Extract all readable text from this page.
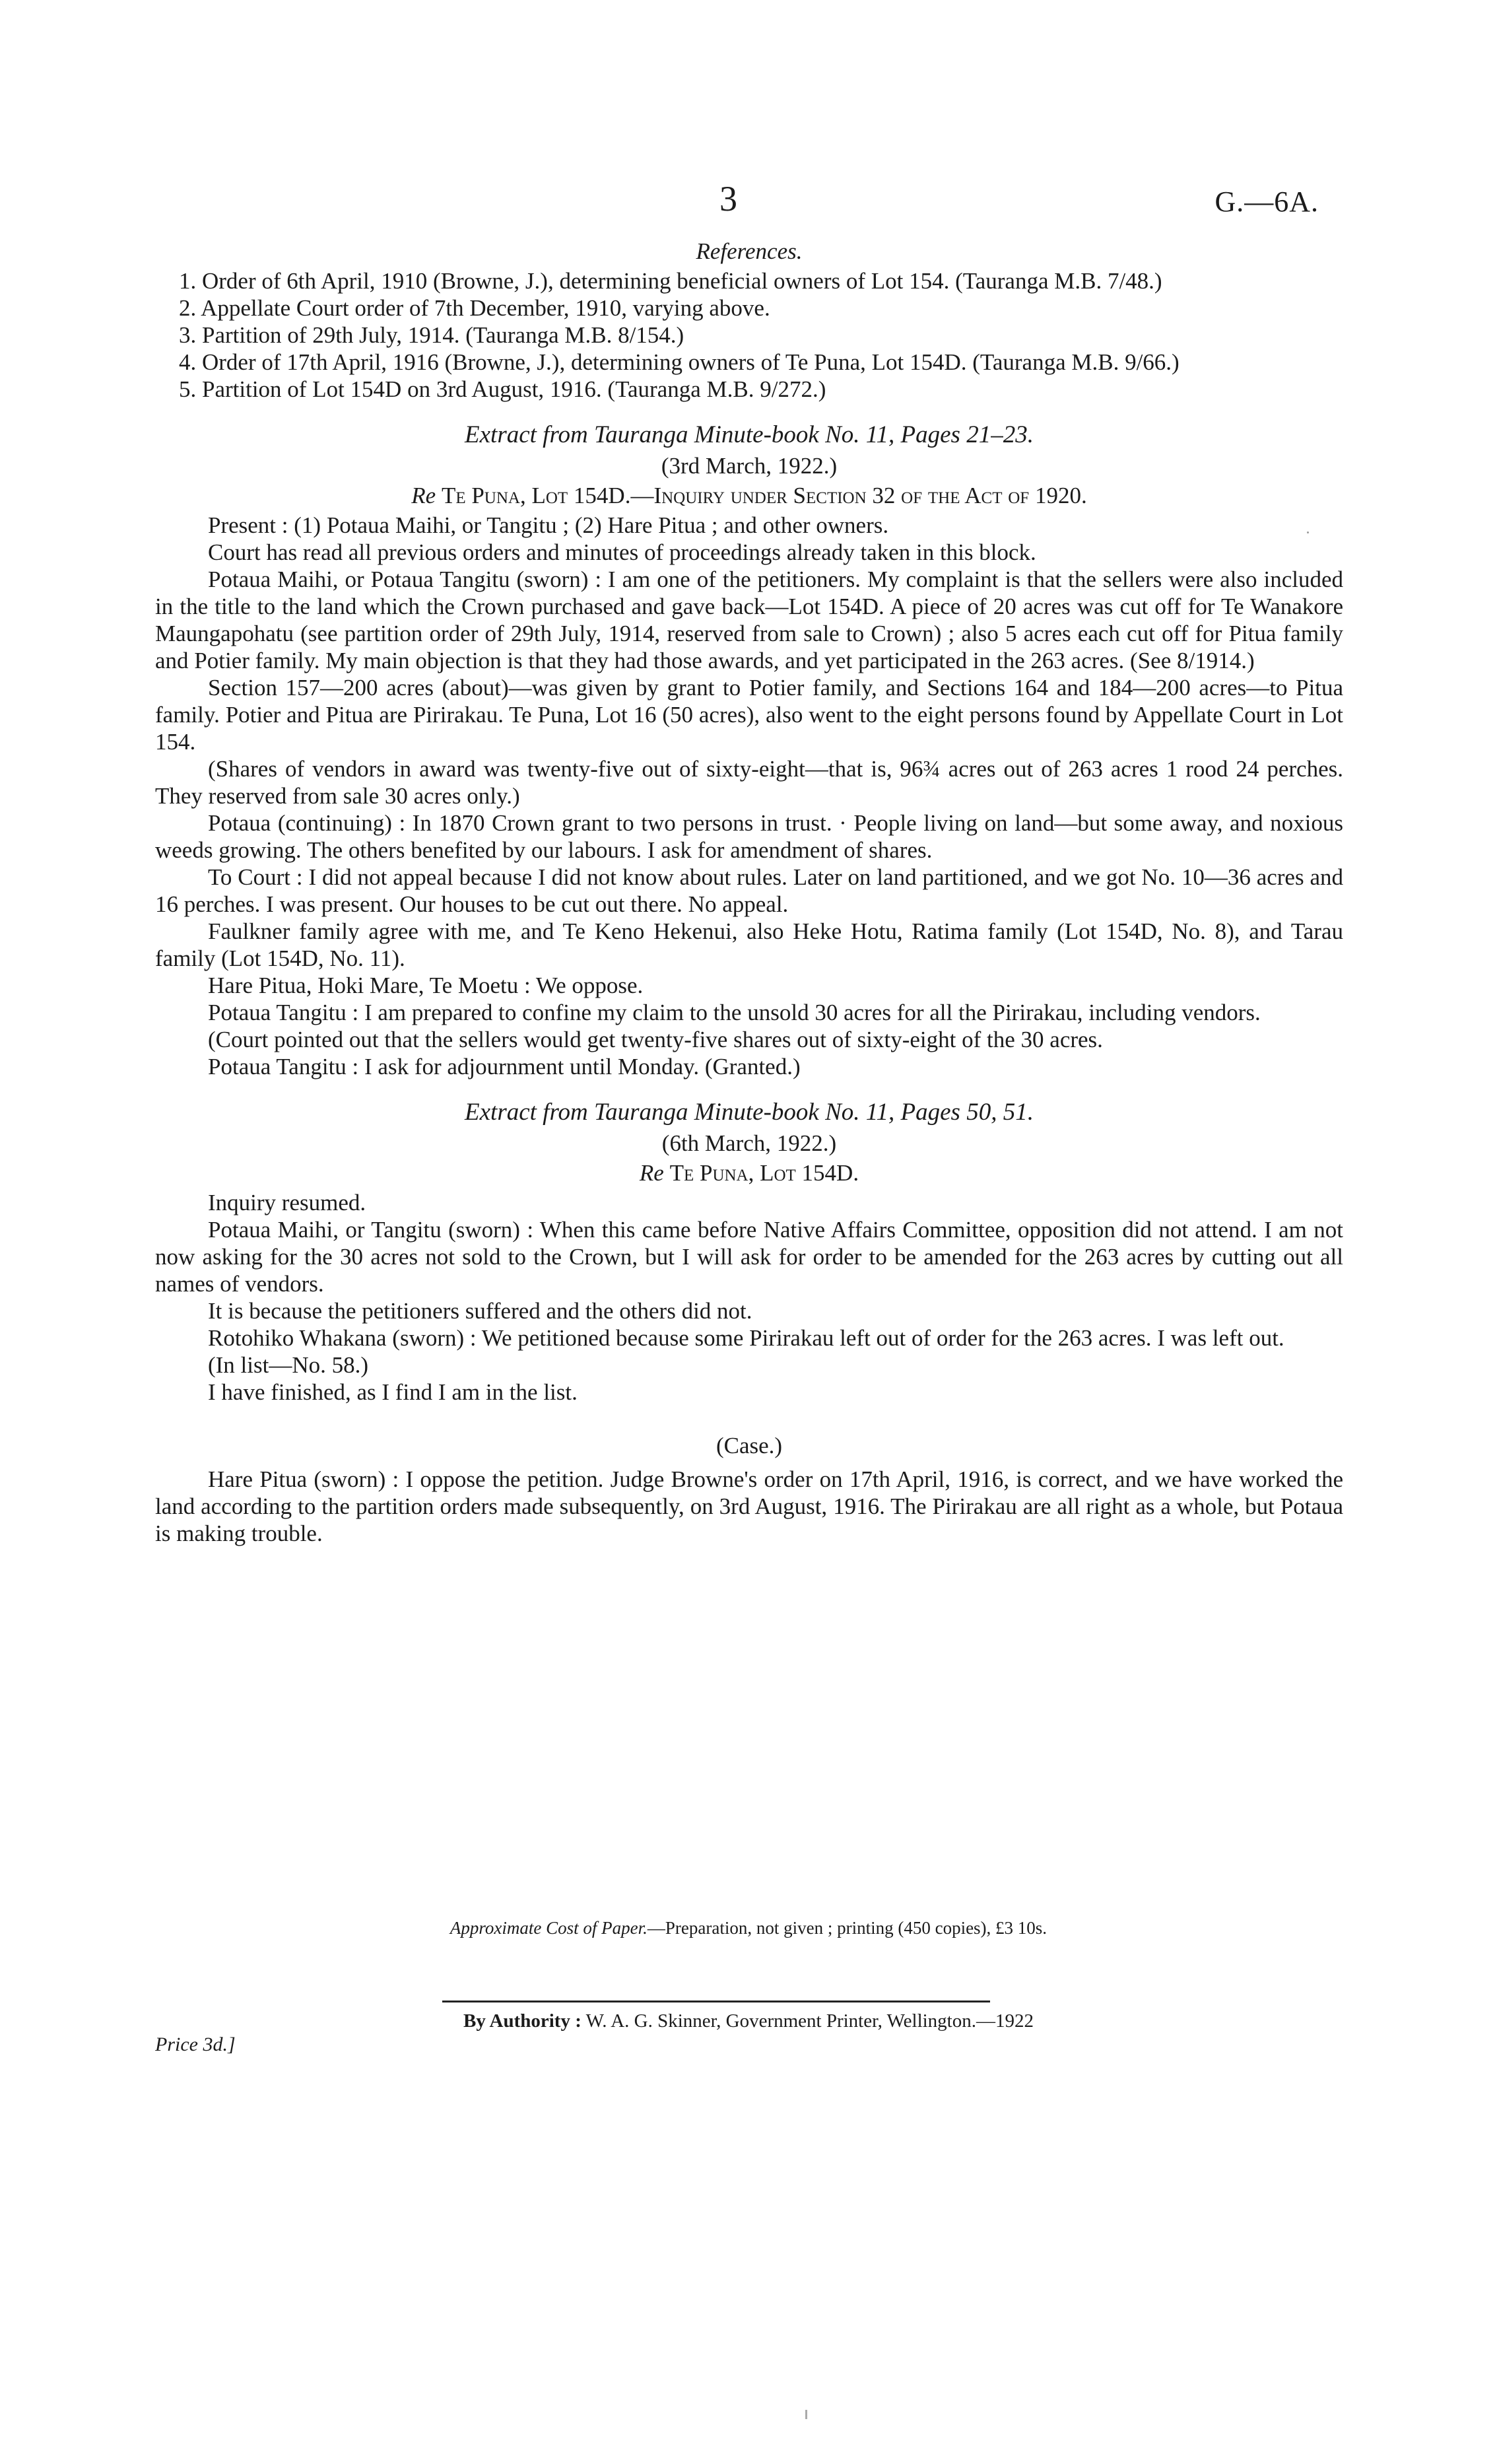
3	G.—6A.
References.

1. Order of 6th April, 1910 (Browne, J.), determining beneficial owners of Lot 154. (Tauranga M.B. 7/48.)

2. Appellate Court order of 7th December, 1910, varying above.

3. Partition of 29th July, 1914. (Tauranga M.B. 8/154.)

4. Order of 17th April, 1916 (Browne, J.), determining owners of Te Puna, Lot 154D. (Tauranga M.B. 9/66.)

5. Partition of Lot 154D on 3rd August, 1916. (Tauranga M.B. 9/272.)

Extract from Tauranga Minute-book No. 11, Pages 21–23.
(3rd March, 1922.)
Re Te Puna, Lot 154D.—Inquiry under Section 32 of the Act of 1920.

Present : (1) Potaua Maihi, or Tangitu ; (2) Hare Pitua ; and other owners.

Court has read all previous orders and minutes of proceedings already taken in this block.

Potaua Maihi, or Potaua Tangitu (sworn) : I am one of the petitioners. My complaint is that the sellers were also included in the title to the land which the Crown purchased and gave back—Lot 154D. A piece of 20 acres was cut off for Te Wanakore Maungapohatu (see partition order of 29th July, 1914, reserved from sale to Crown) ; also 5 acres each cut off for Pitua family and Potier family. My main objection is that they had those awards, and yet participated in the 263 acres. (See 8/1914.)

Section 157—200 acres (about)—was given by grant to Potier family, and Sections 164 and 184—200 acres—to Pitua family. Potier and Pitua are Pirirakau. Te Puna, Lot 16 (50 acres), also went to the eight persons found by Appellate Court in Lot 154.

(Shares of vendors in award was twenty-five out of sixty-eight—that is, 96¾ acres out of 263 acres 1 rood 24 perches. They reserved from sale 30 acres only.)

Potaua (continuing) : In 1870 Crown grant to two persons in trust. · People living on land—but some away, and noxious weeds growing. The others benefited by our labours. I ask for amendment of shares.

To Court : I did not appeal because I did not know about rules. Later on land partitioned, and we got No. 10—36 acres and 16 perches. I was present. Our houses to be cut out there. No appeal.

Faulkner family agree with me, and Te Keno Hekenui, also Heke Hotu, Ratima family (Lot 154D, No. 8), and Tarau family (Lot 154D, No. 11).

Hare Pitua, Hoki Mare, Te Moetu : We oppose.

Potaua Tangitu : I am prepared to confine my claim to the unsold 30 acres for all the Pirirakau, including vendors.

(Court pointed out that the sellers would get twenty-five shares out of sixty-eight of the 30 acres.

Potaua Tangitu : I ask for adjournment until Monday. (Granted.)

Extract from Tauranga Minute-book No. 11, Pages 50, 51.
(6th March, 1922.)
Re Te Puna, Lot 154D.

Inquiry resumed.

Potaua Maihi, or Tangitu (sworn) : When this came before Native Affairs Committee, opposition did not attend. I am not now asking for the 30 acres not sold to the Crown, but I will ask for order to be amended for the 263 acres by cutting out all names of vendors.

It is because the petitioners suffered and the others did not.

Rotohiko Whakana (sworn) : We petitioned because some Pirirakau left out of order for the 263 acres. I was left out.

(In list—No. 58.)

I have finished, as I find I am in the list.

(Case.)

Hare Pitua (sworn) : I oppose the petition. Judge Browne's order on 17th April, 1916, is correct, and we have worked the land according to the partition orders made subsequently, on 3rd August, 1916. The Pirirakau are all right as a whole, but Potaua is making trouble.

Approximate Cost of Paper.—Preparation, not given ; printing (450 copies), £3 10s.
By Authority : W. A. G. Skinner, Government Printer, Wellington.—1922
Price 3d.]
